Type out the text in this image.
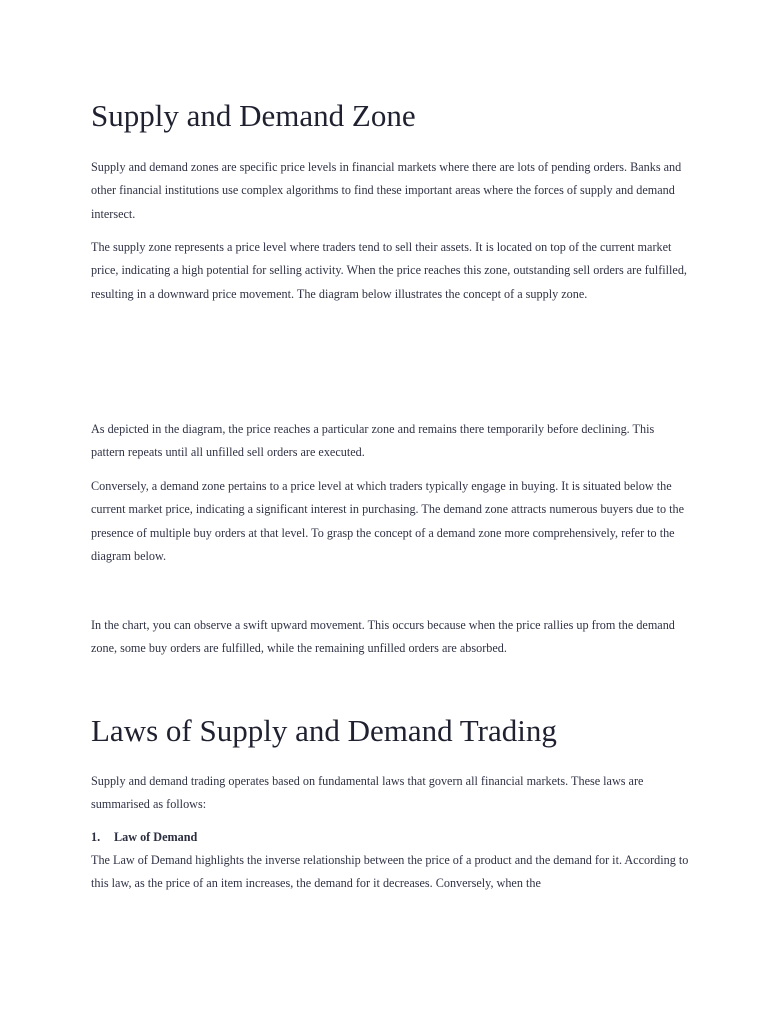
Supply and Demand Zone

Supply and demand zones are specific price levels in financial markets where there are lots of pending orders. Banks and other financial institutions use complex algorithms to find these important areas where the forces of supply and demand intersect.

The supply zone represents a price level where traders tend to sell their assets. It is located on top of the current market price, indicating a high potential for selling activity. When the price reaches this zone, outstanding sell orders are fulfilled, resulting in a downward price movement. The diagram below illustrates the concept of a supply zone.

As depicted in the diagram, the price reaches a particular zone and remains there temporarily before declining. This pattern repeats until all unfilled sell orders are executed.

Conversely, a demand zone pertains to a price level at which traders typically engage in buying. It is situated below the current market price, indicating a significant interest in purchasing. The demand zone attracts numerous buyers due to the presence of multiple buy orders at that level. To grasp the concept of a demand zone more comprehensively, refer to the diagram below.

In the chart, you can observe a swift upward movement. This occurs because when the price rallies up from the demand zone, some buy orders are fulfilled, while the remaining unfilled orders are absorbed.

Laws of Supply and Demand Trading

Supply and demand trading operates based on fundamental laws that govern all financial markets. These laws are summarised as follows:

1. Law of Demand

The Law of Demand highlights the inverse relationship between the price of a product and the demand for it. According to this law, as the price of an item increases, the demand for it decreases. Conversely, when the
